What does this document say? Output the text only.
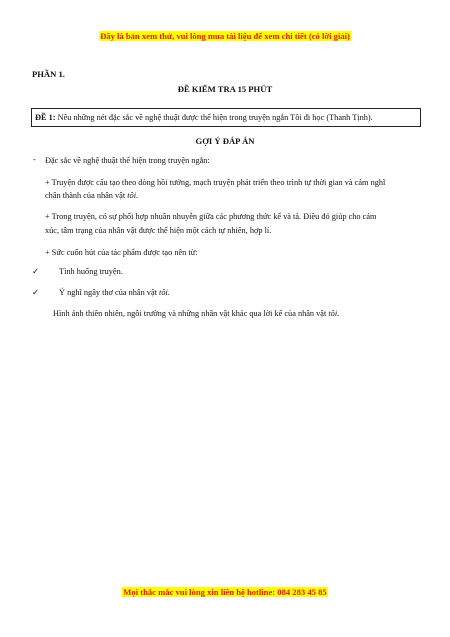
Đây là bản xem thử, vui lòng mua tài liệu để xem chi tiết (có lời giải)
PHẦN 1.
ĐỀ KIỂM TRA 15 PHÚT
ĐỀ 1: Nêu những nét đặc sắc về nghệ thuật được thể hiện trong truyện ngắn Tôi đi học (Thanh Tịnh).
GỢI Ý ĐÁP ÁN
- Đặc sắc về nghệ thuật thể hiện trong truyện ngắn:
+ Truyện được cấu tạo theo dòng hồi tưởng, mạch truyện phát triển theo trình tự thời gian và cảm nghĩ
chân thành của nhân vật tôi.
+ Trong truyện, có sự phối hợp nhuần nhuyễn giữa các phương thức kể và tả. Điều đó giúp cho cảm
xúc, tâm trạng của nhân vật được thể hiện một cách tự nhiên, hợp lí.
+ Sức cuốn hút của tác phẩm được tạo nên từ:
✓ Tình huống truyện.
✓ Ý nghĩ ngây thơ của nhân vật tôi.
Hình ảnh thiên nhiên, ngôi trường và những nhân vật khác qua lời kể của nhân vật tôi.
Mọi thắc mắc vui lòng xin liên hệ hotline: 084 283 45 85
